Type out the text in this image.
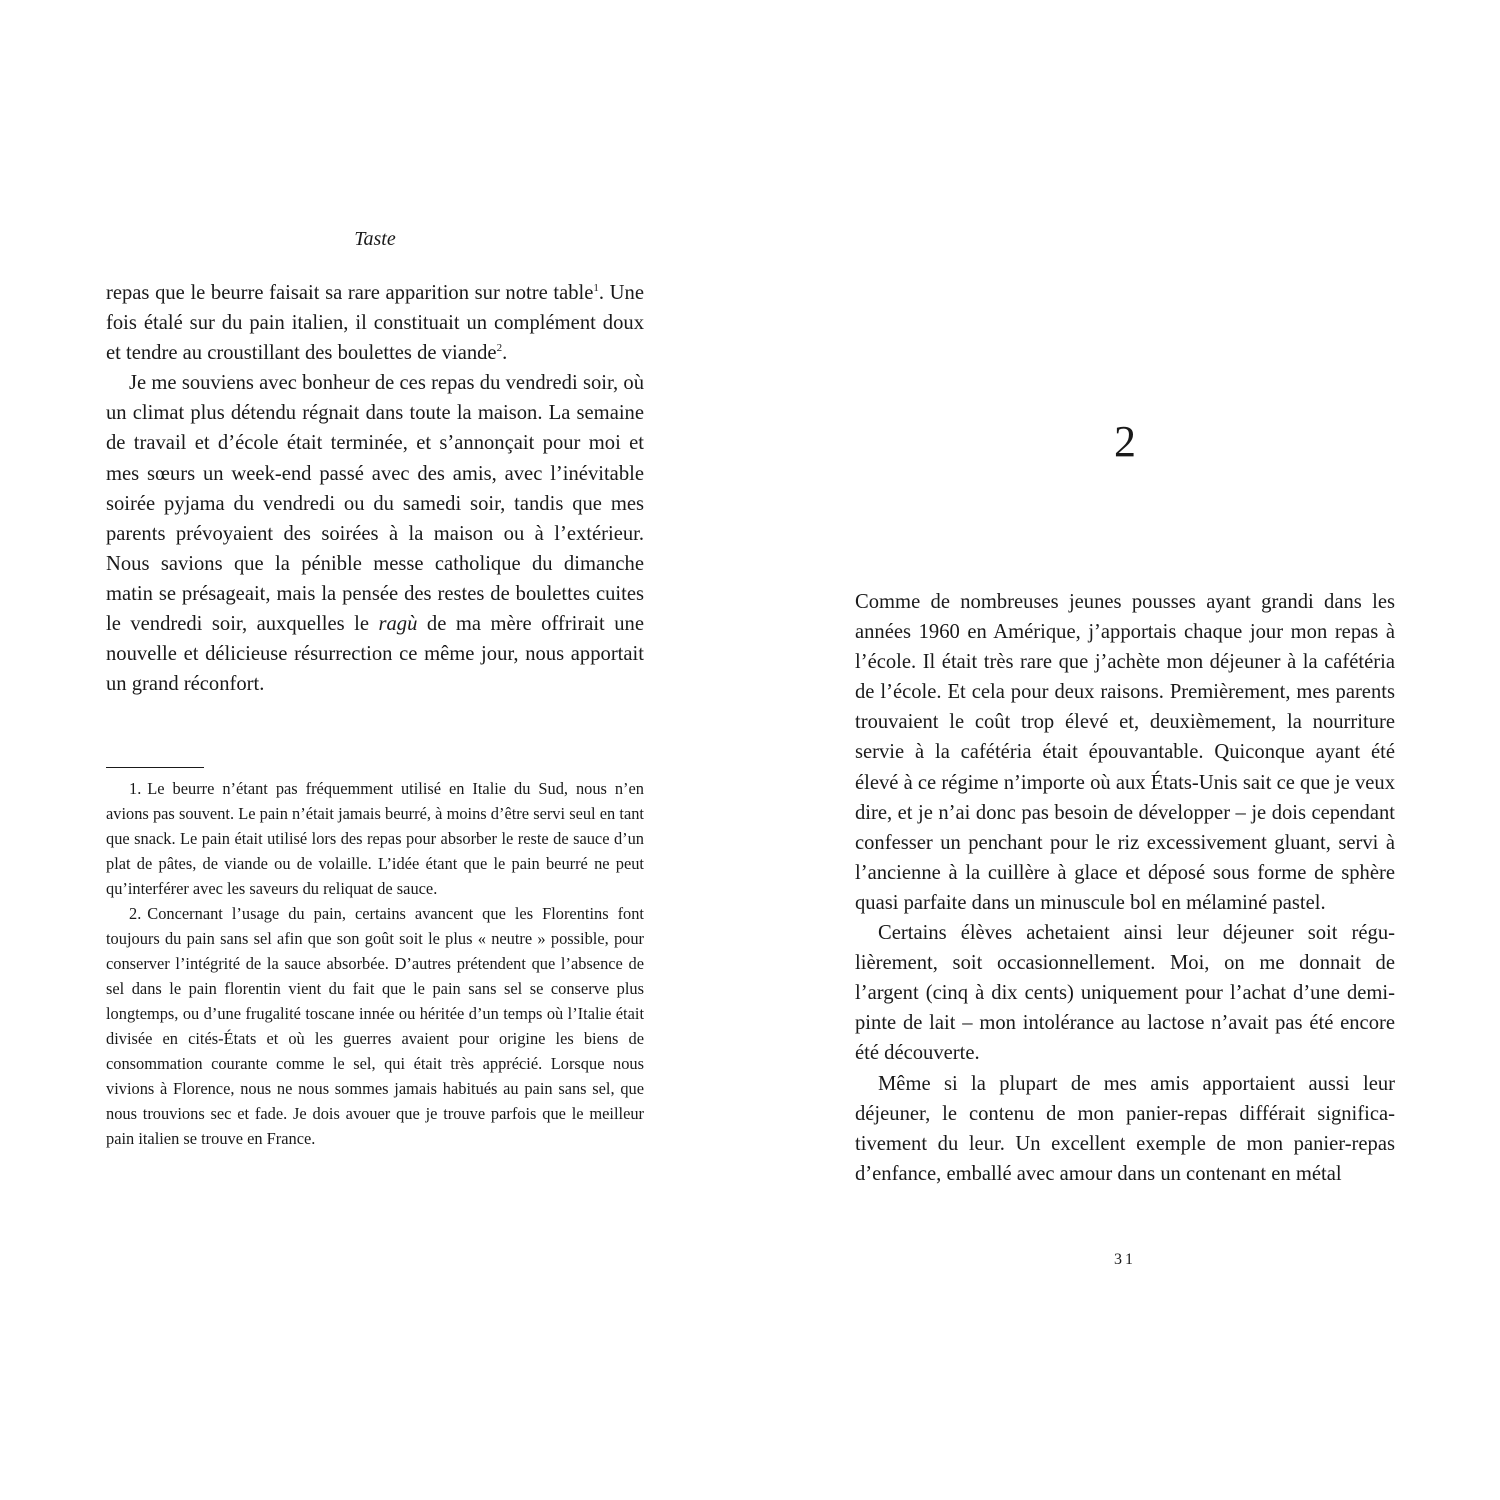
Taste

repas que le beurre faisait sa rare apparition sur notre table$^1$. Une fois étalé sur du pain italien, il constituait un complément doux et tendre au croustillant des boulettes de viande$^2$.

Je me souviens avec bonheur de ces repas du vendredi soir, où un climat plus détendu régnait dans toute la maison. La semaine de travail et d’école était terminée, et s’annonçait pour moi et mes sœurs un week-end passé avec des amis, avec l’inévitable soirée pyjama du vendredi ou du samedi soir, tandis que mes parents prévoyaient des soirées à la maison ou à l’extérieur. Nous savions que la pénible messe catholique du dimanche matin se présageait, mais la pensée des restes de boulettes cuites le vendredi soir, auxquelles le ragù de ma mère offrirait une nouvelle et délicieuse résurrection ce même jour, nous apportait un grand réconfort.

1. Le beurre n’étant pas fréquemment utilisé en Italie du Sud, nous n’en avions pas souvent. Le pain n’était jamais beurré, à moins d’être servi seul en tant que snack. Le pain était utilisé lors des repas pour absorber le reste de sauce d’un plat de pâtes, de viande ou de volaille. L’idée étant que le pain beurré ne peut qu’interférer avec les saveurs du reliquat de sauce.

2. Concernant l’usage du pain, certains avancent que les Florentins font toujours du pain sans sel afin que son goût soit le plus « neutre » possible, pour conserver l’intégrité de la sauce absorbée. D’autres prétendent que l’absence de sel dans le pain florentin vient du fait que le pain sans sel se conserve plus longtemps, ou d’une frugalité toscane innée ou héritée d’un temps où l’Italie était divisée en cités-États et où les guerres avaient pour origine les biens de consommation courante comme le sel, qui était très apprécié. Lorsque nous vivions à Florence, nous ne nous sommes jamais habitués au pain sans sel, que nous trouvions sec et fade. Je dois avouer que je trouve parfois que le meilleur pain italien se trouve en France.

2

Comme de nombreuses jeunes pousses ayant grandi dans les années 1960 en Amérique, j’apportais chaque jour mon repas à l’école. Il était très rare que j’achète mon déjeuner à la cafétéria de l’école. Et cela pour deux raisons. Premièrement, mes parents trouvaient le coût trop élevé et, deuxièmement, la nourriture servie à la cafétéria était épouvantable. Quiconque ayant été élevé à ce régime n’importe où aux États-Unis sait ce que je veux dire, et je n’ai donc pas besoin de développer – je dois cependant confesser un penchant pour le riz excessivement gluant, servi à l’ancienne à la cuillère à glace et déposé sous forme de sphère quasi parfaite dans un minuscule bol en mélaminé pastel.

Certains élèves achetaient ainsi leur déjeuner soit régulièrement, soit occasionnellement. Moi, on me donnait de l’argent (cinq à dix cents) uniquement pour l’achat d’une demi-pinte de lait – mon intolérance au lactose n’avait pas été encore été découverte.

Même si la plupart de mes amis apportaient aussi leur déjeuner, le contenu de mon panier-repas différait significativement du leur. Un excellent exemple de mon panier-repas d’enfance, emballé avec amour dans un contenant en métal

31
